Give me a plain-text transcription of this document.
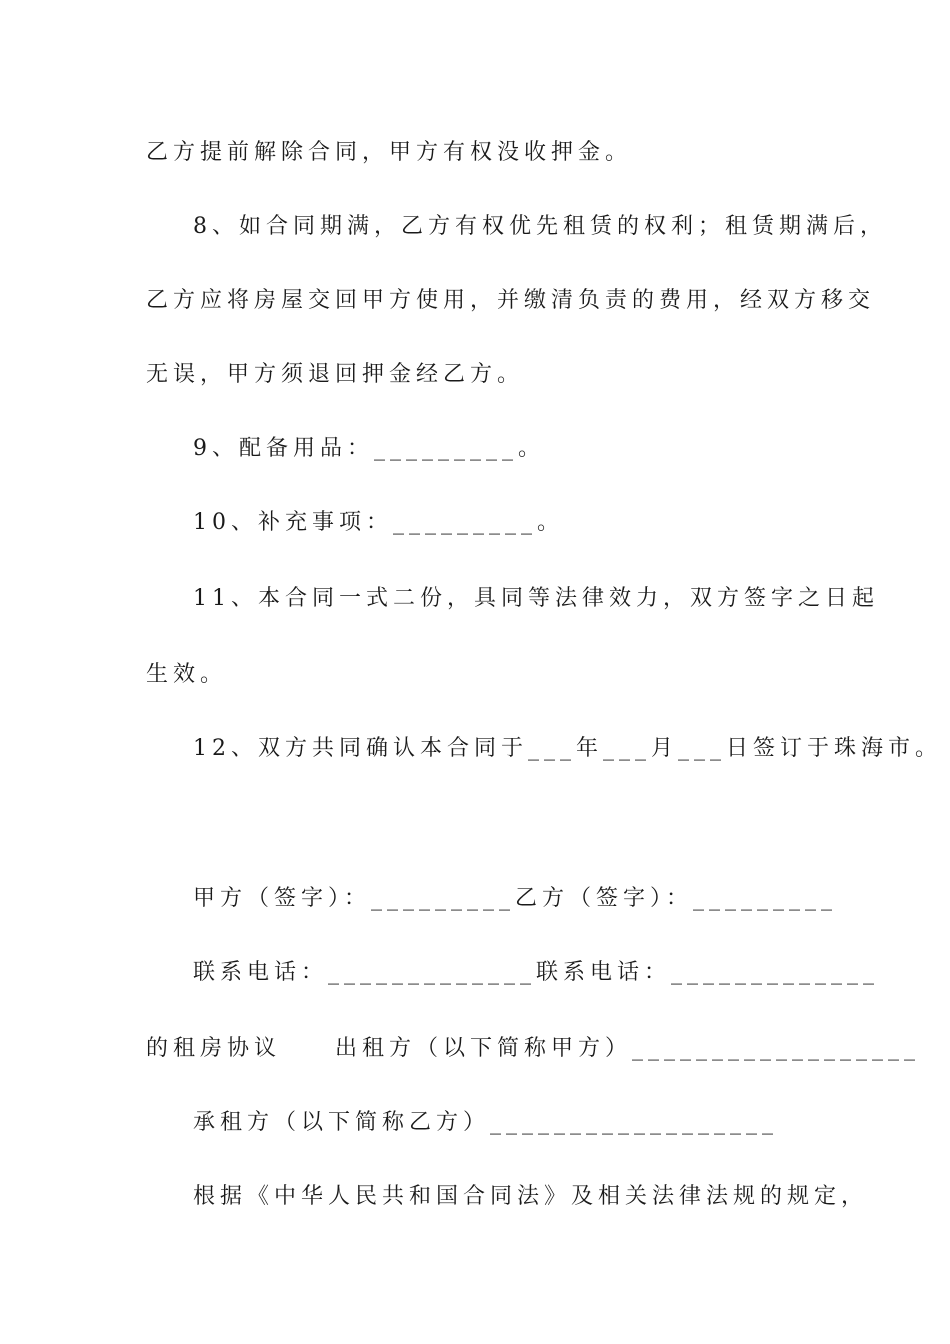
乙方提前解除合同，甲方有权没收押金。
8、如合同期满，乙方有权优先租赁的权利；租赁期满后，
乙方应将房屋交回甲方使用，并缴清负责的费用，经双方移交
无误，甲方须退回押金经乙方。
9、配备用品：_________。
10、补充事项：_________。
11、本合同一式二份，具同等法律效力，双方签字之日起
生效。
12、双方共同确认本合同于___年___月___日签订于珠海市。
甲方（签字）：_________乙方（签字）：_________
联系电话：_____________联系电话：_____________
的租房协议　　出租方（以下简称甲方）__________________
承租方（以下简称乙方）__________________
根据《中华人民共和国合同法》及相关法律法规的规定，
